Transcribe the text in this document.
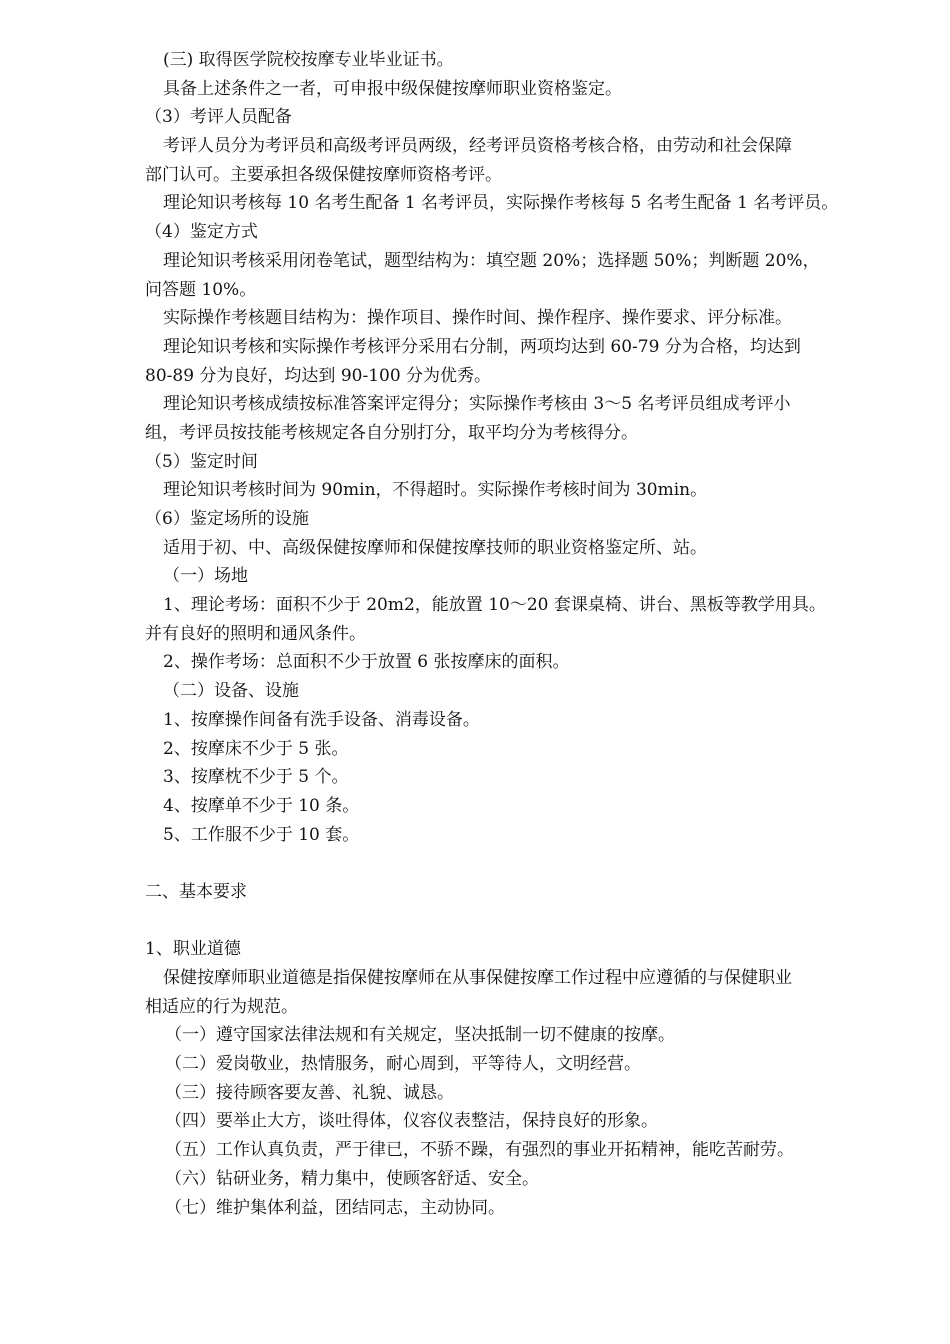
(三) 取得医学院校按摩专业毕业证书。
具备上述条件之一者，可申报中级保健按摩师职业资格鉴定。
（3）考评人员配备
考评人员分为考评员和高级考评员两级，经考评员资格考核合格，由劳动和社会保障
部门认可。主要承担各级保健按摩师资格考评。
理论知识考核每 10 名考生配备 1 名考评员，实际操作考核每 5 名考生配备 1 名考评员。
（4）鉴定方式
理论知识考核采用闭卷笔试，题型结构为：填空题 20%；选择题 50%；判断题 20%，
问答题 10%。
实际操作考核题目结构为：操作项目、操作时间、操作程序、操作要求、评分标准。
理论知识考核和实际操作考核评分采用右分制，两项均达到 60-79 分为合格，均达到
80-89 分为良好，均达到 90-100 分为优秀。
理论知识考核成绩按标准答案评定得分；实际操作考核由 3～5 名考评员组成考评小
组，考评员按技能考核规定各自分别打分，取平均分为考核得分。
（5）鉴定时间
理论知识考核时间为 90min，不得超时。实际操作考核时间为 30min。
（6）鉴定场所的设施
适用于初、中、高级保健按摩师和保健按摩技师的职业资格鉴定所、站。
（一）场地
1、理论考场：面积不少于 20m2，能放置 10～20 套课桌椅、讲台、黑板等教学用具。
并有良好的照明和通风条件。
2、操作考场：总面积不少于放置 6 张按摩床的面积。
（二）设备、设施
1、按摩操作间备有洗手设备、消毒设备。
2、按摩床不少于 5 张。
3、按摩枕不少于 5 个。
4、按摩单不少于 10 条。
5、工作服不少于 10 套。
二、基本要求
1、职业道德
保健按摩师职业道德是指保健按摩师在从事保健按摩工作过程中应遵循的与保健职业
相适应的行为规范。
（一）遵守国家法律法规和有关规定，坚决抵制一切不健康的按摩。
（二）爱岗敬业，热情服务，耐心周到，平等待人，文明经营。
（三）接待顾客要友善、礼貌、诚恳。
（四）要举止大方，谈吐得体，仪容仪表整洁，保持良好的形象。
（五）工作认真负责，严于律已，不骄不躁，有强烈的事业开拓精神，能吃苦耐劳。
（六）钻研业务，精力集中，使顾客舒适、安全。
（七）维护集体利益，团结同志，主动协同。
